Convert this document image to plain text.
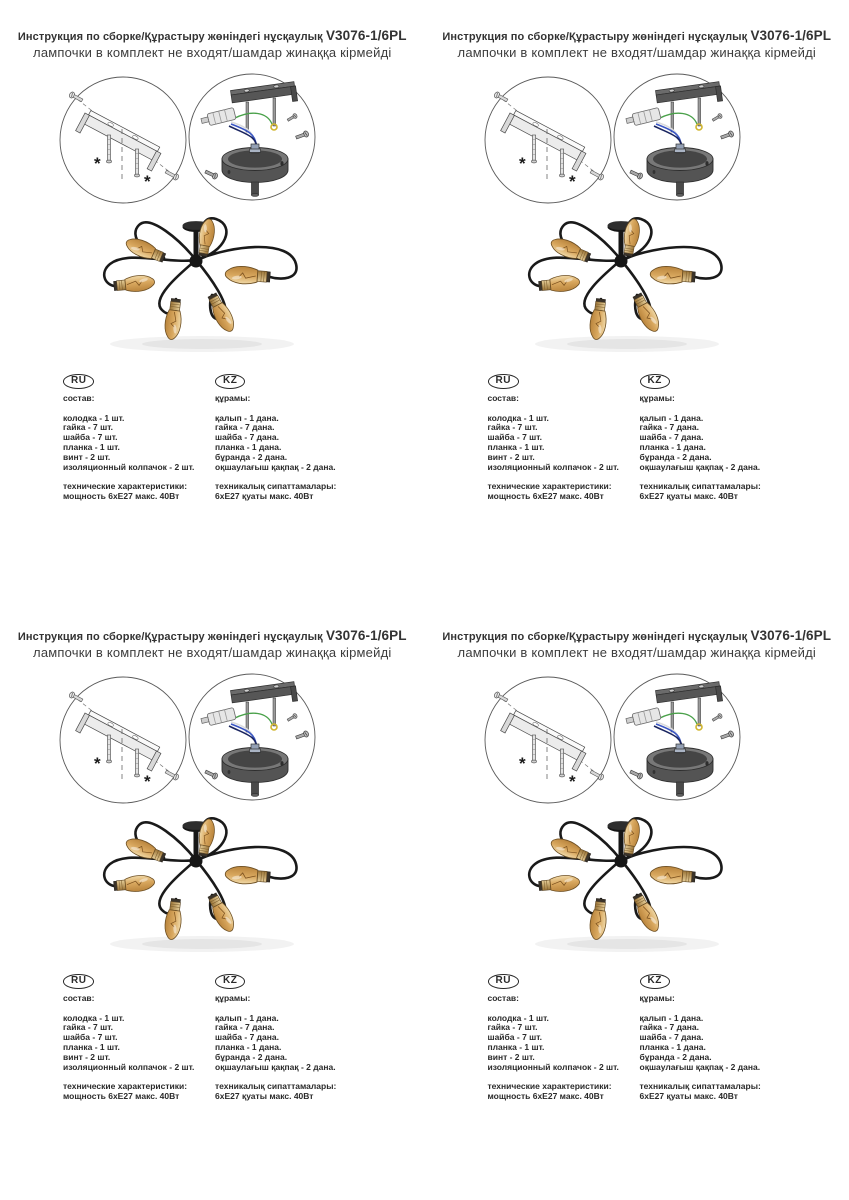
Инструкция по сборке/Құрастыру жөніндегі нұсқаулық V3076-1/6PL
лампочки в комплект не входят/шамдар жинаққа кірмейді
*
*
RU
состав:
колодка - 1 шт.
гайка - 7 шт.
шайба - 7 шт.
планка - 1 шт.
винт - 2 шт.
изоляционный колпачок - 2 шт.
технические характеристики:
мощность 6хЕ27 макс. 40Вт
KZ
құрамы:
қалып - 1 дана.
гайка - 7 дана.
шайба - 7 дана.
планка - 1 дана.
бұранда - 2 дана.
оқшаулағыш қақпақ - 2 дана.
техникалық сипаттамалары:
6хЕ27 қуаты макс. 40Вт
Инструкция по сборке/Құрастыру жөніндегі нұсқаулық V3076-1/6PL
лампочки в комплект не входят/шамдар жинаққа кірмейді
*
*
RU
состав:
колодка - 1 шт.
гайка - 7 шт.
шайба - 7 шт.
планка - 1 шт.
винт - 2 шт.
изоляционный колпачок - 2 шт.
технические характеристики:
мощность 6хЕ27 макс. 40Вт
KZ
құрамы:
қалып - 1 дана.
гайка - 7 дана.
шайба - 7 дана.
планка - 1 дана.
бұранда - 2 дана.
оқшаулағыш қақпақ - 2 дана.
техникалық сипаттамалары:
6хЕ27 қуаты макс. 40Вт
Инструкция по сборке/Құрастыру жөніндегі нұсқаулық V3076-1/6PL
лампочки в комплект не входят/шамдар жинаққа кірмейді
*
*
RU
состав:
колодка - 1 шт.
гайка - 7 шт.
шайба - 7 шт.
планка - 1 шт.
винт - 2 шт.
изоляционный колпачок - 2 шт.
технические характеристики:
мощность 6хЕ27 макс. 40Вт
KZ
құрамы:
қалып - 1 дана.
гайка - 7 дана.
шайба - 7 дана.
планка - 1 дана.
бұранда - 2 дана.
оқшаулағыш қақпақ - 2 дана.
техникалық сипаттамалары:
6хЕ27 қуаты макс. 40Вт
Инструкция по сборке/Құрастыру жөніндегі нұсқаулық V3076-1/6PL
лампочки в комплект не входят/шамдар жинаққа кірмейді
*
*
RU
состав:
колодка - 1 шт.
гайка - 7 шт.
шайба - 7 шт.
планка - 1 шт.
винт - 2 шт.
изоляционный колпачок - 2 шт.
технические характеристики:
мощность 6хЕ27 макс. 40Вт
KZ
құрамы:
қалып - 1 дана.
гайка - 7 дана.
шайба - 7 дана.
планка - 1 дана.
бұранда - 2 дана.
оқшаулағыш қақпақ - 2 дана.
техникалық сипаттамалары:
6хЕ27 қуаты макс. 40Вт
